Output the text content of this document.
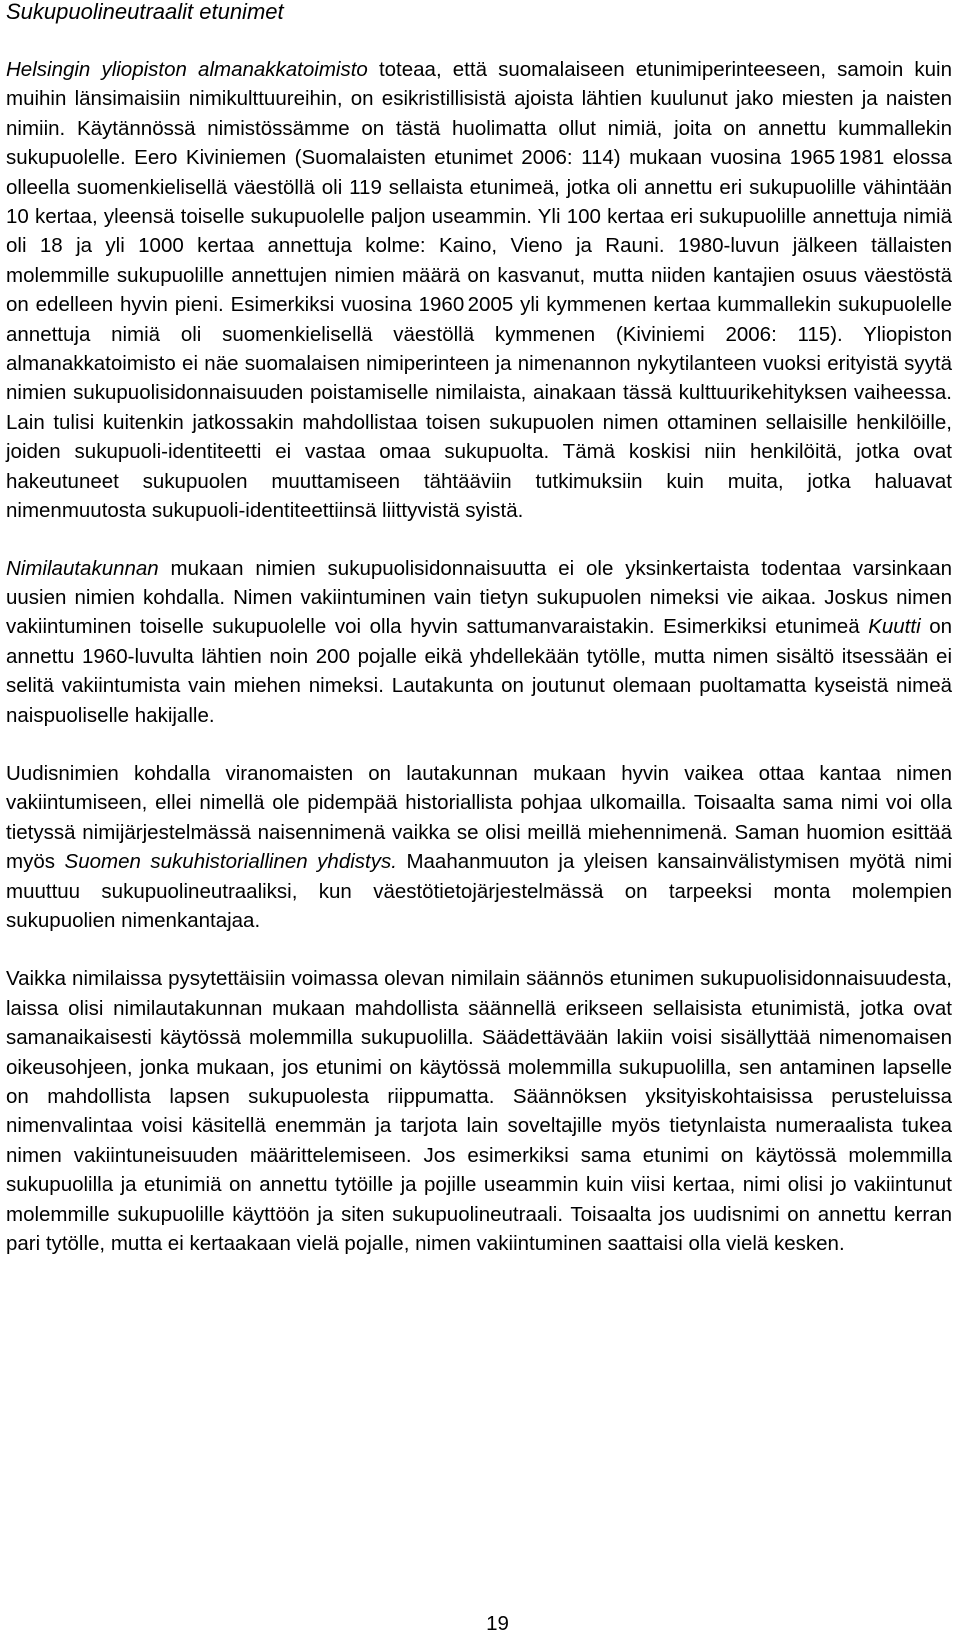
Sukupuolineutraalit etunimet

Helsingin yliopiston almanakkatoimisto toteaa, että suomalaiseen etunimiperinteeseen, samoin kuin muihin länsimaisiin nimikulttuureihin, on esikristillisistä ajoista lähtien kuulunut jako miesten ja naisten nimiin. Käytännössä nimistössämme on tästä huolimatta ollut nimiä, joita on annettu kummallekin sukupuolelle. Eero Kiviniemen (Suomalaisten etunimet 2006: 114) mukaan vuosina 1965 1981 elossa olleella suomenkielisellä väestöllä oli 119 sellaista etunimeä, jotka oli annettu eri sukupuolille vähintään 10 kertaa, yleensä toiselle sukupuolelle paljon useammin. Yli 100 kertaa eri sukupuolille annettuja nimiä oli 18 ja yli 1000 kertaa annettuja kolme: Kaino, Vieno ja Rauni. 1980-luvun jälkeen tällaisten molemmille sukupuolille annettujen nimien määrä on kasvanut, mutta niiden kantajien osuus väestöstä on edelleen hyvin pieni. Esimerkiksi vuosina 1960 2005 yli kymmenen kertaa kummallekin sukupuolelle annettuja nimiä oli suomenkielisellä väestöllä kymmenen (Kiviniemi 2006: 115). Yliopiston almanakkatoimisto ei näe suomalaisen nimiperinteen ja nimenannon nykytilanteen vuoksi erityistä syytä nimien sukupuolisidonnaisuuden poistamiselle nimilaista, ainakaan tässä kulttuurikehityksen vaiheessa. Lain tulisi kuitenkin jatkossakin mahdollistaa toisen sukupuolen nimen ottaminen sellaisille henkilöille, joiden sukupuoli-identiteetti ei vastaa omaa sukupuolta. Tämä koskisi niin henkilöitä, jotka ovat hakeutuneet sukupuolen muuttamiseen tähtääviin tutkimuksiin kuin muita, jotka haluavat nimenmuutosta sukupuoli-identiteettiinsä liittyvistä syistä.

Nimilautakunnan mukaan nimien sukupuolisidonnaisuutta ei ole yksinkertaista todentaa varsinkaan uusien nimien kohdalla. Nimen vakiintuminen vain tietyn sukupuolen nimeksi vie aikaa. Joskus nimen vakiintuminen toiselle sukupuolelle voi olla hyvin sattumanvaraistakin. Esimerkiksi etunimeä Kuutti on annettu 1960-luvulta lähtien noin 200 pojalle eikä yhdellekään tytölle, mutta nimen sisältö itsessään ei selitä vakiintumista vain miehen nimeksi. Lautakunta on joutunut olemaan puoltamatta kyseistä nimeä naispuoliselle hakijalle.

Uudisnimien kohdalla viranomaisten on lautakunnan mukaan hyvin vaikea ottaa kantaa nimen vakiintumiseen, ellei nimellä ole pidempää historiallista pohjaa ulkomailla. Toisaalta sama nimi voi olla tietyssä nimijärjestelmässä naisennimenä vaikka se olisi meillä miehennimenä. Saman huomion esittää myös Suomen sukuhistoriallinen yhdistys. Maahanmuuton ja yleisen kansainvälistymisen myötä nimi muuttuu sukupuolineutraaliksi, kun väestötietojärjestelmässä on tarpeeksi monta molempien sukupuolien nimenkantajaa.

Vaikka nimilaissa pysytettäisiin voimassa olevan nimilain säännös etunimen sukupuolisidonnaisuudesta, laissa olisi nimilautakunnan mukaan mahdollista säännellä erikseen sellaisista etunimistä, jotka ovat samanaikaisesti käytössä molemmilla sukupuolilla. Säädettävään lakiin voisi sisällyttää nimenomaisen oikeusohjeen, jonka mukaan, jos etunimi on käytössä molemmilla sukupuolilla, sen antaminen lapselle on mahdollista lapsen sukupuolesta riippumatta. Säännöksen yksityiskohtaisissa perusteluissa nimenvalintaa voisi käsitellä enemmän ja tarjota lain soveltajille myös tietynlaista numeraalista tukea nimen vakiintuneisuuden määrittelemiseen. Jos esimerkiksi sama etunimi on käytössä molemmilla sukupuolilla ja etunimiä on annettu tytöille ja pojille useammin kuin viisi kertaa, nimi olisi jo vakiintunut molemmille sukupuolille käyttöön ja siten sukupuolineutraali. Toisaalta jos uudisnimi on annettu kerran pari tytölle, mutta ei kertaakaan vielä pojalle, nimen vakiintuminen saattaisi olla vielä kesken.

19
